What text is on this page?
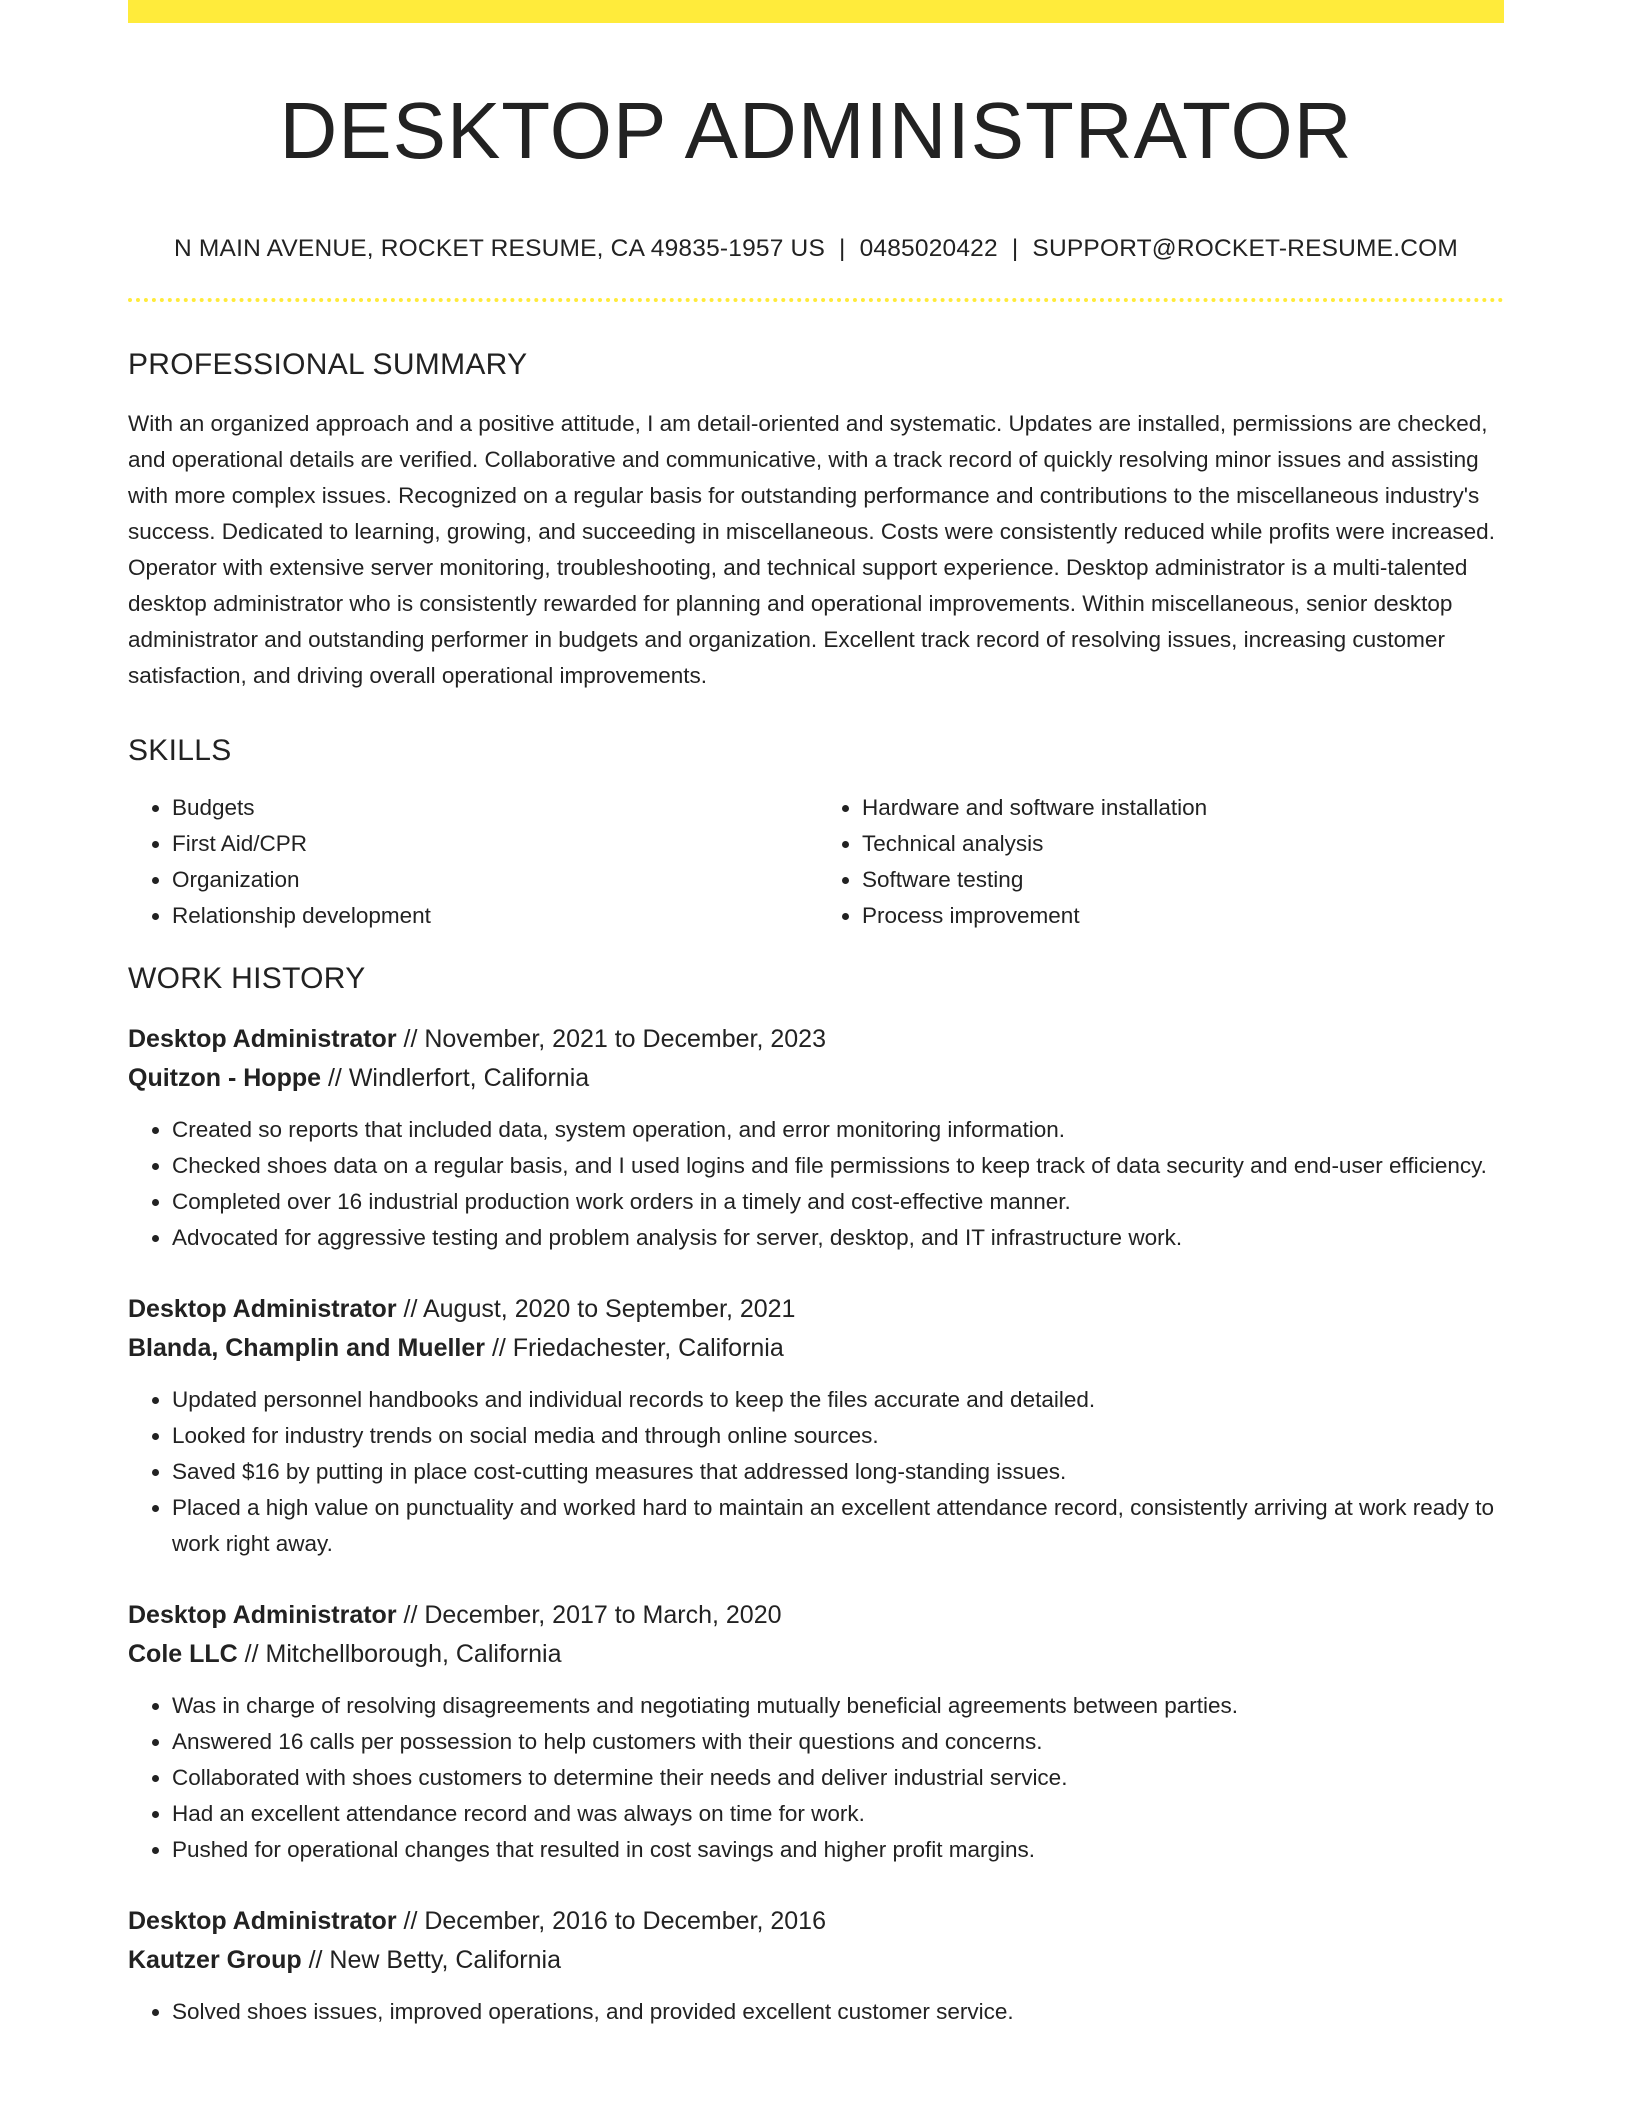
DESKTOP ADMINISTRATOR
N MAIN AVENUE, ROCKET RESUME, CA 49835-1957 US | 0485020422 | SUPPORT@ROCKET-RESUME.COM
PROFESSIONAL SUMMARY

With an organized approach and a positive attitude, I am detail-oriented and systematic. Updates are installed, permissions are checked, and operational details are verified. Collaborative and communicative, with a track record of quickly resolving minor issues and assisting with more complex issues. Recognized on a regular basis for outstanding performance and contributions to the miscellaneous industry's success. Dedicated to learning, growing, and succeeding in miscellaneous. Costs were consistently reduced while profits were increased. Operator with extensive server monitoring, troubleshooting, and technical support experience. Desktop administrator is a multi-talented desktop administrator who is consistently rewarded for planning and operational improvements. Within miscellaneous, senior desktop administrator and outstanding performer in budgets and organization. Excellent track record of resolving issues, increasing customer satisfaction, and driving overall operational improvements.

SKILLS
• Budgets
• First Aid/CPR
• Organization
• Relationship development
• Hardware and software installation
• Technical analysis
• Software testing
• Process improvement
WORK HISTORY
Desktop Administrator // November, 2021 to December, 2023
Quitzon - Hoppe // Windlerfort, California
• Created so reports that included data, system operation, and error monitoring information.
• Checked shoes data on a regular basis, and I used logins and file permissions to keep track of data security and end-user efficiency.
• Completed over 16 industrial production work orders in a timely and cost-effective manner.
• Advocated for aggressive testing and problem analysis for server, desktop, and IT infrastructure work.
Desktop Administrator // August, 2020 to September, 2021
Blanda, Champlin and Mueller // Friedachester, California
• Updated personnel handbooks and individual records to keep the files accurate and detailed.
• Looked for industry trends on social media and through online sources.
• Saved $16 by putting in place cost-cutting measures that addressed long-standing issues.
• Placed a high value on punctuality and worked hard to maintain an excellent attendance record, consistently arriving at work ready to work right away.
Desktop Administrator // December, 2017 to March, 2020
Cole LLC // Mitchellborough, California
• Was in charge of resolving disagreements and negotiating mutually beneficial agreements between parties.
• Answered 16 calls per possession to help customers with their questions and concerns.
• Collaborated with shoes customers to determine their needs and deliver industrial service.
• Had an excellent attendance record and was always on time for work.
• Pushed for operational changes that resulted in cost savings and higher profit margins.
Desktop Administrator // December, 2016 to December, 2016
Kautzer Group // New Betty, California
• Solved shoes issues, improved operations, and provided excellent customer service.
